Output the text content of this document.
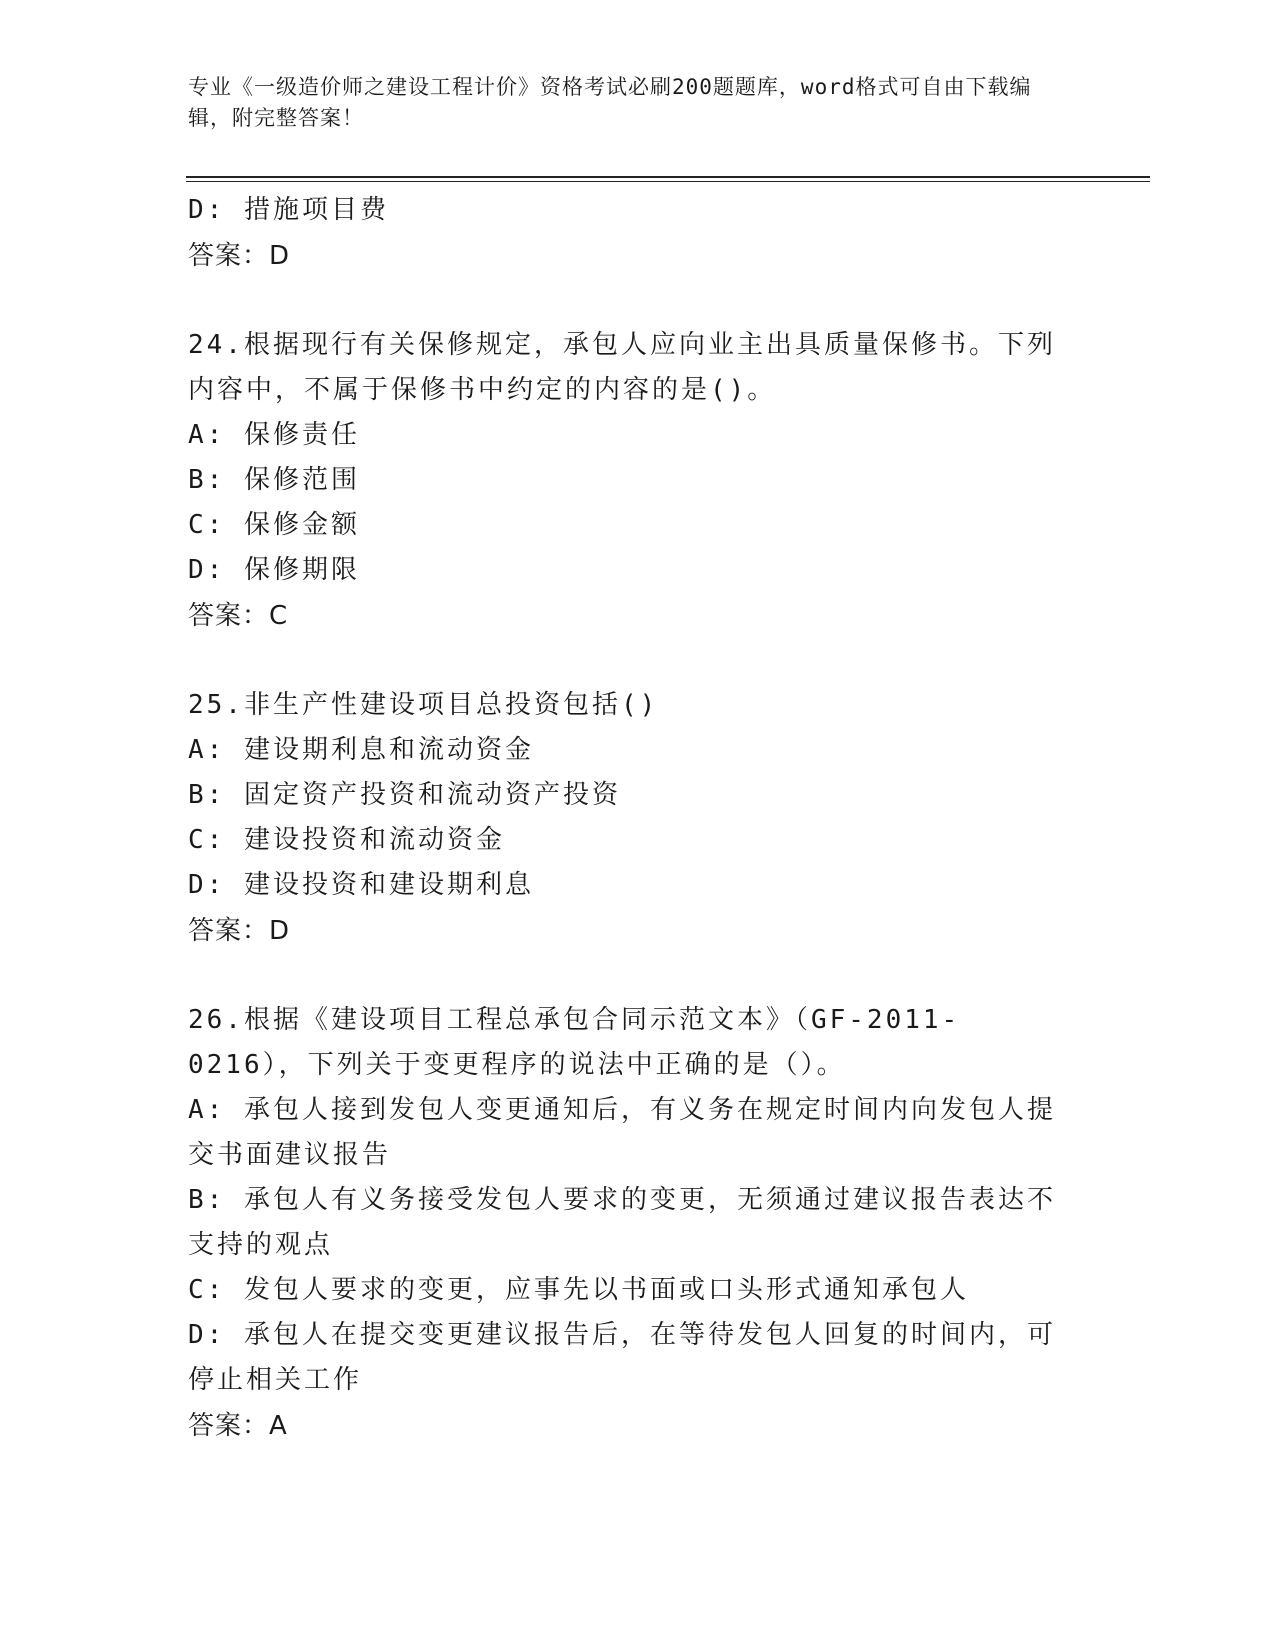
专业《一级造价师之建设工程计价》资格考试必刷200题题库，word格式可自由下载编辑，附完整答案！
D: 措施项目费
答案：D
24.根据现行有关保修规定，承包人应向业主出具质量保修书。下列内容中，不属于保修书中约定的内容的是()。
A: 保修责任
B: 保修范围
C: 保修金额
D: 保修期限
答案：C
25.非生产性建设项目总投资包括()
A: 建设期利息和流动资金
B: 固定资产投资和流动资产投资
C: 建设投资和流动资金
D: 建设投资和建设期利息
答案：D
26.根据《建设项目工程总承包合同示范文本》（GF-2011-0216），下列关于变更程序的说法中正确的是（）。
A: 承包人接到发包人变更通知后，有义务在规定时间内向发包人提交书面建议报告
B: 承包人有义务接受发包人要求的变更，无须通过建议报告表达不支持的观点
C: 发包人要求的变更，应事先以书面或口头形式通知承包人
D: 承包人在提交变更建议报告后，在等待发包人回复的时间内，可停止相关工作
答案：A
